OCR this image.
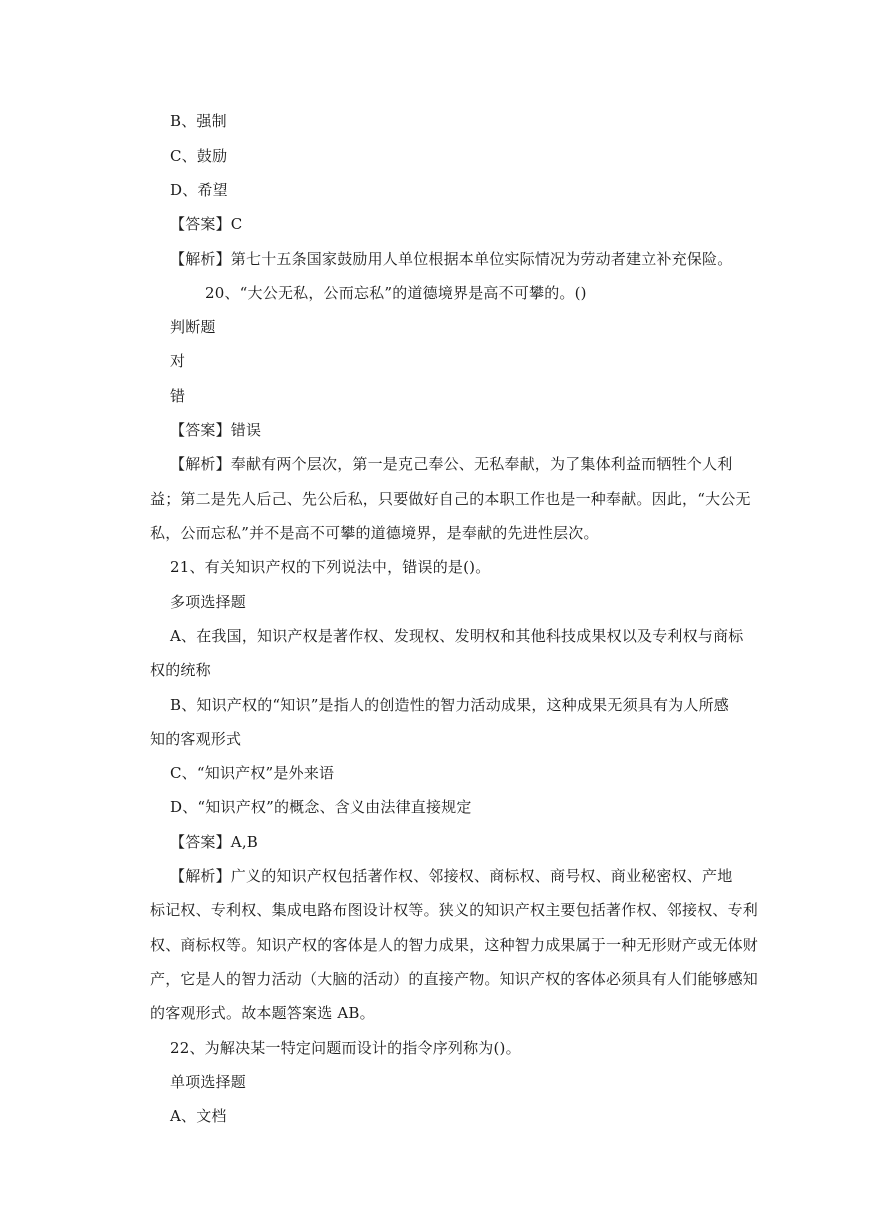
B、强制
C、鼓励
D、希望
【答案】C
【解析】第七十五条国家鼓励用人单位根据本单位实际情况为劳动者建立补充保险。
20、“大公无私，公而忘私”的道德境界是高不可攀的。()
判断题
对
错
【答案】错误
【解析】奉献有两个层次，第一是克己奉公、无私奉献，为了集体利益而牺牲个人利
益；第二是先人后己、先公后私，只要做好自己的本职工作也是一种奉献。因此，“大公无
私，公而忘私”并不是高不可攀的道德境界，是奉献的先进性层次。
21、有关知识产权的下列说法中，错误的是()。
多项选择题
A、在我国，知识产权是著作权、发现权、发明权和其他科技成果权以及专利权与商标
权的统称
B、知识产权的“知识”是指人的创造性的智力活动成果，这种成果无须具有为人所感
知的客观形式
C、“知识产权”是外来语
D、“知识产权”的概念、含义由法律直接规定
【答案】A,B
【解析】广义的知识产权包括著作权、邻接权、商标权、商号权、商业秘密权、产地
标记权、专利权、集成电路布图设计权等。狭义的知识产权主要包括著作权、邻接权、专利
权、商标权等。知识产权的客体是人的智力成果，这种智力成果属于一种无形财产或无体财
产，它是人的智力活动（大脑的活动）的直接产物。知识产权的客体必须具有人们能够感知
的客观形式。故本题答案选 AB。
22、为解决某一特定问题而设计的指令序列称为()。
单项选择题
A、文档
